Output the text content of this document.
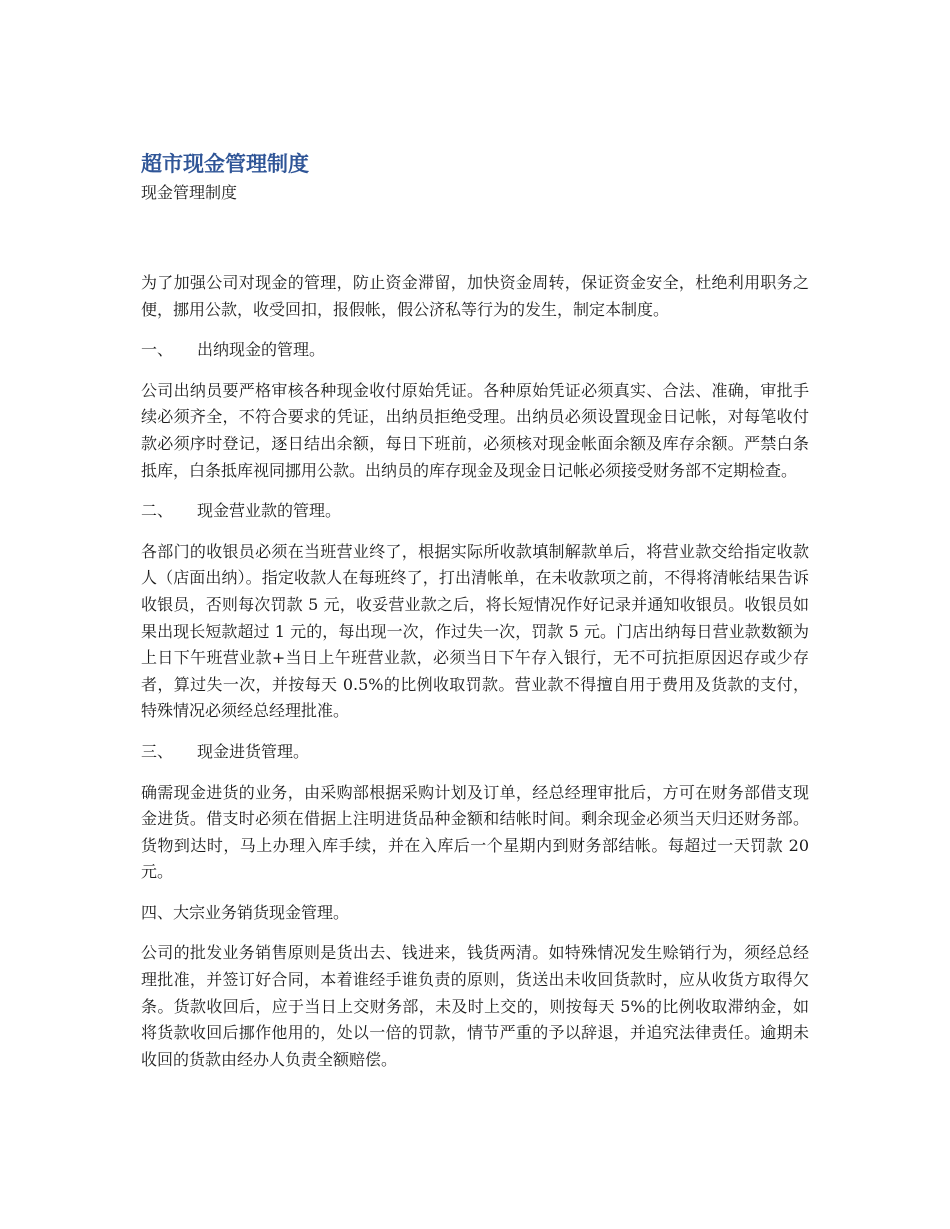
超市现金管理制度
现金管理制度

为了加强公司对现金的管理，防止资金滞留，加快资金周转，保证资金安全，杜绝利用职务之便，挪用公款，收受回扣，报假帐，假公济私等行为的发生，制定本制度。

一、 出纳现金的管理。

公司出纳员要严格审核各种现金收付原始凭证。各种原始凭证必须真实、合法、准确，审批手续必须齐全，不符合要求的凭证，出纳员拒绝受理。出纳员必须设置现金日记帐，对每笔收付款必须序时登记，逐日结出余额，每日下班前，必须核对现金帐面余额及库存余额。严禁白条抵库，白条抵库视同挪用公款。出纳员的库存现金及现金日记帐必须接受财务部不定期检查。

二、 现金营业款的管理。

各部门的收银员必须在当班营业终了，根据实际所收款填制解款单后，将营业款交给指定收款人（店面出纳）。指定收款人在每班终了，打出清帐单，在未收款项之前，不得将清帐结果告诉收银员，否则每次罚款 5 元，收妥营业款之后，将长短情况作好记录并通知收银员。收银员如果出现长短款超过 1 元的，每出现一次，作过失一次，罚款 5 元。门店出纳每日营业款数额为上日下午班营业款+当日上午班营业款，必须当日下午存入银行，无不可抗拒原因迟存或少存者，算过失一次，并按每天 0.5%的比例收取罚款。营业款不得擅自用于费用及货款的支付，特殊情况必须经总经理批准。

三、 现金进货管理。

确需现金进货的业务，由采购部根据采购计划及订单，经总经理审批后，方可在财务部借支现金进货。借支时必须在借据上注明进货品种金额和结帐时间。剩余现金必须当天归还财务部。货物到达时，马上办理入库手续，并在入库后一个星期内到财务部结帐。每超过一天罚款 20 元。

四、大宗业务销货现金管理。

公司的批发业务销售原则是货出去、钱进来，钱货两清。如特殊情况发生赊销行为，须经总经理批准，并签订好合同，本着谁经手谁负责的原则，货送出未收回货款时，应从收货方取得欠条。货款收回后，应于当日上交财务部，未及时上交的，则按每天 5%的比例收取滞纳金，如将货款收回后挪作他用的，处以一倍的罚款，情节严重的予以辞退，并追究法律责任。逾期未收回的货款由经办人负责全额赔偿。
